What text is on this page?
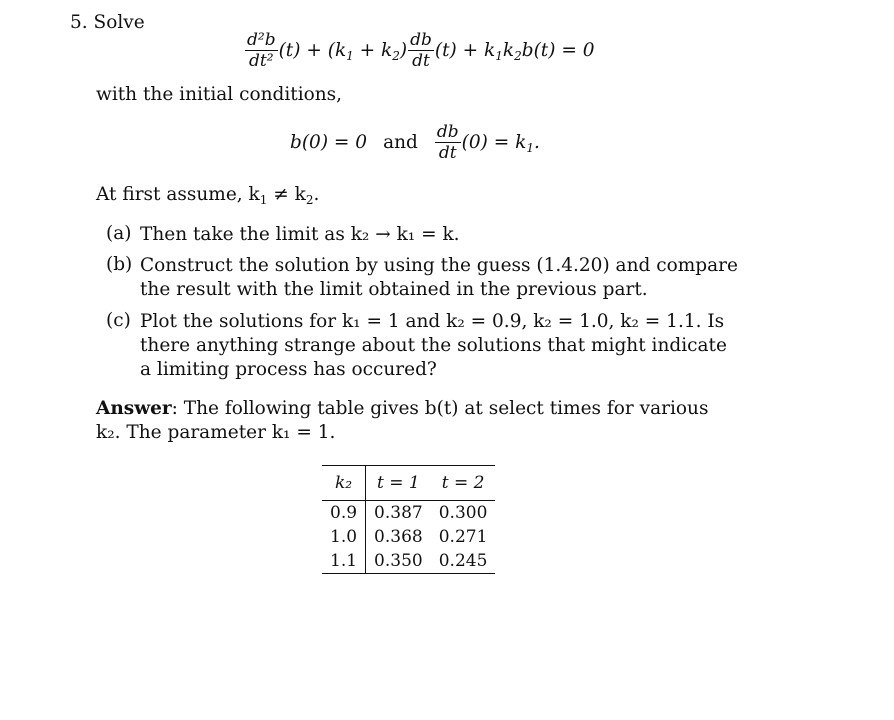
5. Solve
$\frac{\text{d²b}}{\text{dt²}} (t) + (k_1 + k_2) \frac{db}{dt} (t) + k_1k_2b(t) = 0$
with the initial conditions,
b(0) = 0 and $\frac{db}{dt} (0) = k_1$.
At first assume, $k_1 \ne k_2$.
(a) Then take the limit as k₂ → k₁ = k.
(b) Construct the solution by using the guess (1.4.20) and compare the result with the limit obtained in the previous part.
(c) Plot the solutions for k₁ = 1 and k₂ = 0.9, k₂ = 1.0, k₂ = 1.1. Is there anything strange about the solutions that might indicate a limiting process has occured?
Answer: The following table gives b(t) at select times for various k₂. The parameter k₁ = 1.
k₂	t = 1	t = 2
0.9	0.387	0.300
1.0	0.368	0.271
1.1	0.350	0.245
